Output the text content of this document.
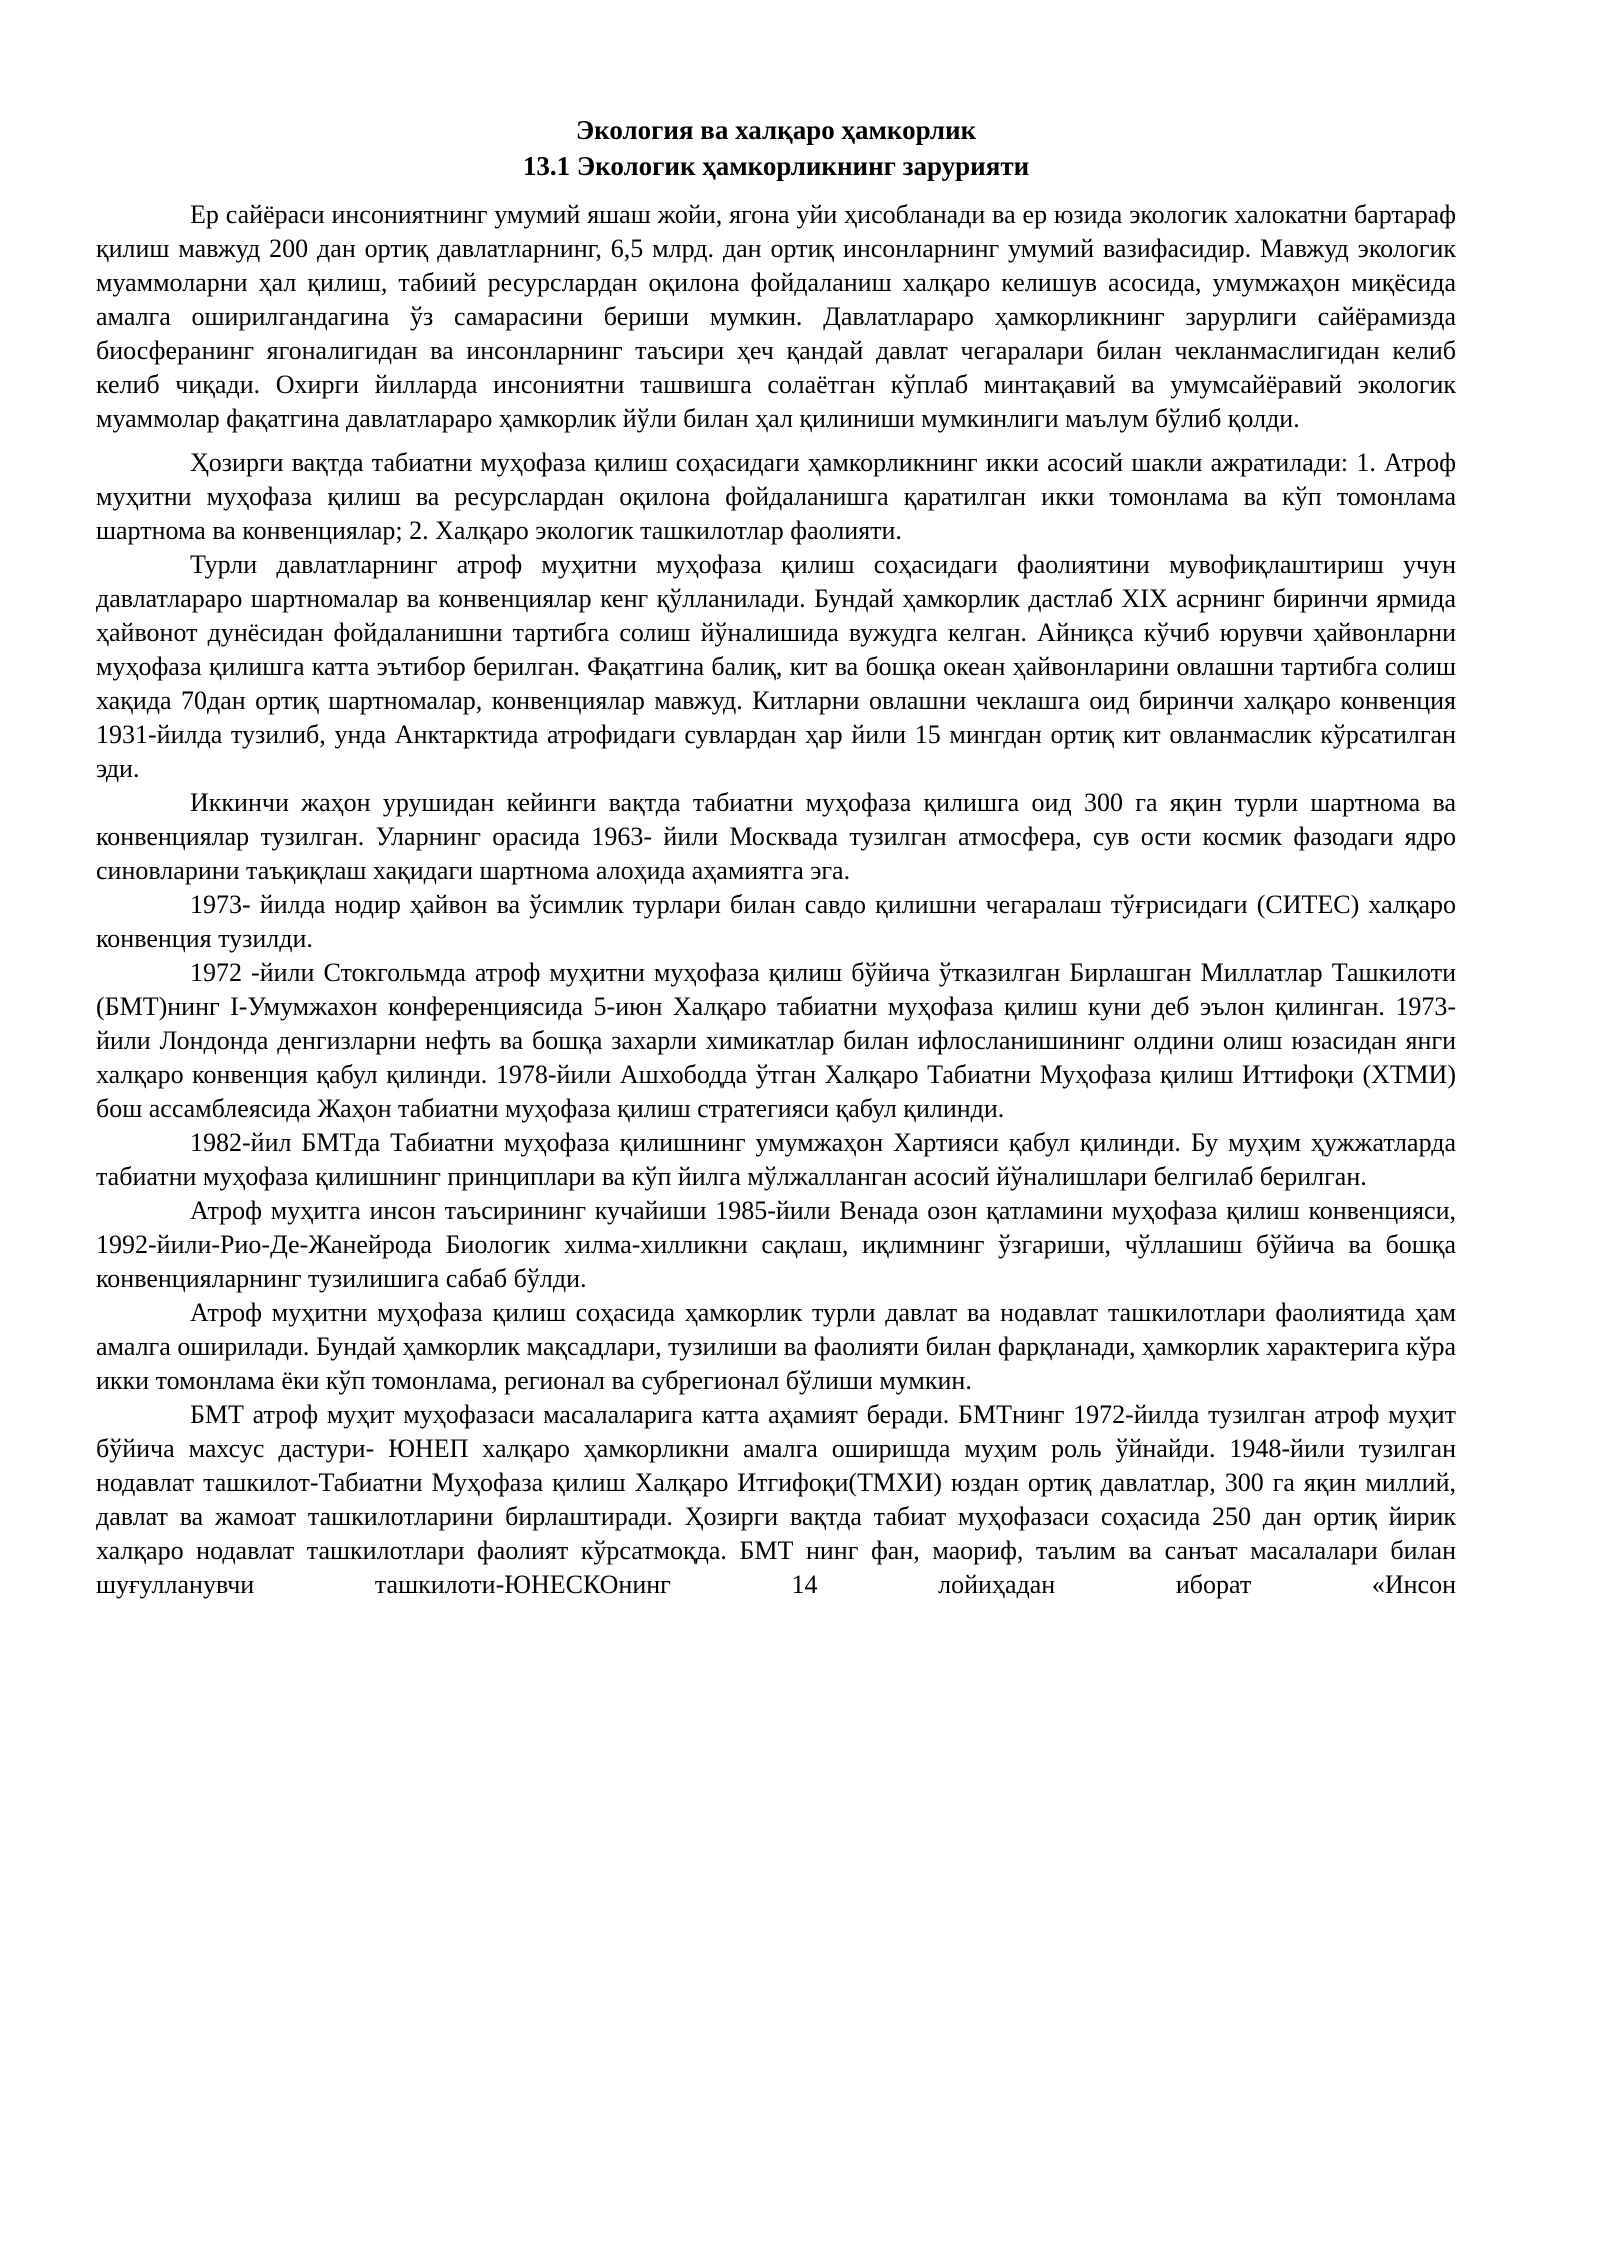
Экология ва халқаро ҳамкорлик

13.1 Экологик ҳамкорликнинг зарурияти

Ер сайёраси инсониятнинг умумий яшаш жойи, ягона уйи ҳисобланади ва ер юзида экологик халокатни бартараф қилиш мавжуд 200 дан ортиқ давлатларнинг, 6,5 млрд. дан ортиқ инсонларнинг умумий вазифасидир. Мавжуд экологик муаммоларни ҳал қилиш, табиий ресурслардан оқилона фойдаланиш халқаро келишув асосида, умумжаҳон миқёсида амалга оширилгандагина ўз самарасини бериши мумкин. Давлатлараро ҳамкорликнинг зарурлиги сайёрамизда биосферанинг ягоналигидан ва инсонларнинг таъсири ҳеч қандай давлат чегаралари билан чекланмаслигидан келиб келиб чиқади. Охирги йилларда инсониятни ташвишга солаётган кўплаб минтақавий ва умумсайёравий экологик муаммолар фақатгина давлатлараро ҳамкорлик йўли билан ҳал қилиниши мумкинлиги маълум бўлиб қолди.

Ҳозирги вақтда табиатни муҳофаза қилиш соҳасидаги ҳамкорликнинг икки асосий шакли ажратилади: 1. Атроф муҳитни муҳофаза қилиш ва ресурслардан оқилона фойдаланишга қаратилган икки томонлама ва кўп томонлама шартнома ва конвенциялар; 2. Халқаро экологик ташкилотлар фаолияти.

Турли давлатларнинг атроф муҳитни муҳофаза қилиш соҳасидаги фаолиятини мувофиқлаштириш учун давлатлараро шартномалар ва конвенциялар кенг қўлланилади. Бундай ҳамкорлик дастлаб XIX асрнинг биринчи ярмида ҳайвонот дунёсидан фойдаланишни тартибга солиш йўналишида вужудга келган. Айниқса кўчиб юрувчи ҳайвонларни муҳофаза қилишга катта эътибор берилган. Фақатгина балиқ, кит ва бошқа океан ҳайвонларини овлашни тартибга солиш хақида 70дан ортиқ шартномалар, конвенциялар мавжуд. Китларни овлашни чеклашга оид биринчи халқаро конвенция 1931-йилда тузилиб, унда Анктарктида атрофидаги сувлардан ҳар йили 15 мингдан ортиқ кит овланмаслик кўрсатилган эди.

Иккинчи жаҳон урушидан кейинги вақтда табиатни муҳофаза қилишга оид 300 га яқин турли шартнома ва конвенциялар тузилган. Уларнинг орасида 1963- йили Москвада тузилган атмосфера, сув ости космик фазодаги ядро синовларини таъқиқлаш хақидаги шартнома алоҳида аҳамиятга эга.

1973- йилда нодир ҳайвон ва ўсимлик турлари билан савдо қилишни чегаралаш тўғрисидаги (СИТЕС) халқаро конвенция тузилди.

1972 -йили Стокгольмда атроф муҳитни муҳофаза қилиш бўйича ўтказилган Бирлашган Миллатлар Ташкилоти (БМТ)нинг I-Умумжахон конференциясида 5-июн Халқаро табиатни муҳофаза қилиш куни деб эълон қилинган. 1973-йили Лондонда денгизларни нефть ва бошқа захарли химикатлар билан ифлосланишининг олдини олиш юзасидан янги халқаро конвенция қабул қилинди. 1978-йили Ашхободда ўтган Халқаро Табиатни Муҳофаза қилиш Иттифоқи (ХТМИ) бош ассамблеясида Жаҳон табиатни муҳофаза қилиш стратегияси қабул қилинди.

1982-йил БМТда Табиатни муҳофаза қилишнинг умумжаҳон Хартияси қабул қилинди. Бу муҳим ҳужжатларда табиатни муҳофаза қилишнинг принциплари ва кўп йилга мўлжалланган асосий йўналишлари белгилаб берилган.

Атроф муҳитга инсон таъсирининг кучайиши 1985-йили Венада озон қатламини муҳофаза қилиш конвенцияси, 1992-йили-Рио-Де-Жанейрода Биологик хилма-хилликни сақлаш, иқлимнинг ўзгариши, чўллашиш бўйича ва бошқа конвенцияларнинг тузилишига сабаб бўлди.

Атроф муҳитни муҳофаза қилиш соҳасида ҳамкорлик турли давлат ва нодавлат ташкилотлари фаолиятида ҳам амалга оширилади. Бундай ҳамкорлик мақсадлари, тузилиши ва фаолияти билан фарқланади, ҳамкорлик характерига кўра икки томонлама ёки кўп томонлама, регионал ва субрегионал бўлиши мумкин.

БМТ атроф муҳит муҳофазаси масалаларига катта аҳамият беради. БМТнинг 1972-йилда тузилган атроф муҳит бўйича махсус дастури- ЮНЕП халқаро ҳамкорликни амалга оширишда муҳим роль ўйнайди. 1948-йили тузилган нодавлат ташкилот-Табиатни Муҳофаза қилиш Халқаро Итгифоқи(ТМХИ) юздан ортиқ давлатлар, 300 га яқин миллий, давлат ва жамоат ташкилотларини бирлаштиради. Ҳозирги вақтда табиат муҳофазаси соҳасида 250 дан ортиқ йирик халқаро нодавлат ташкилотлари фаолият кўрсатмоқда. БМТ нинг фан, маориф, таълим ва санъат масалалари билан шуғулланувчи ташкилоти-ЮНЕСКОнинг 14 лойиҳадан иборат «Инсон
